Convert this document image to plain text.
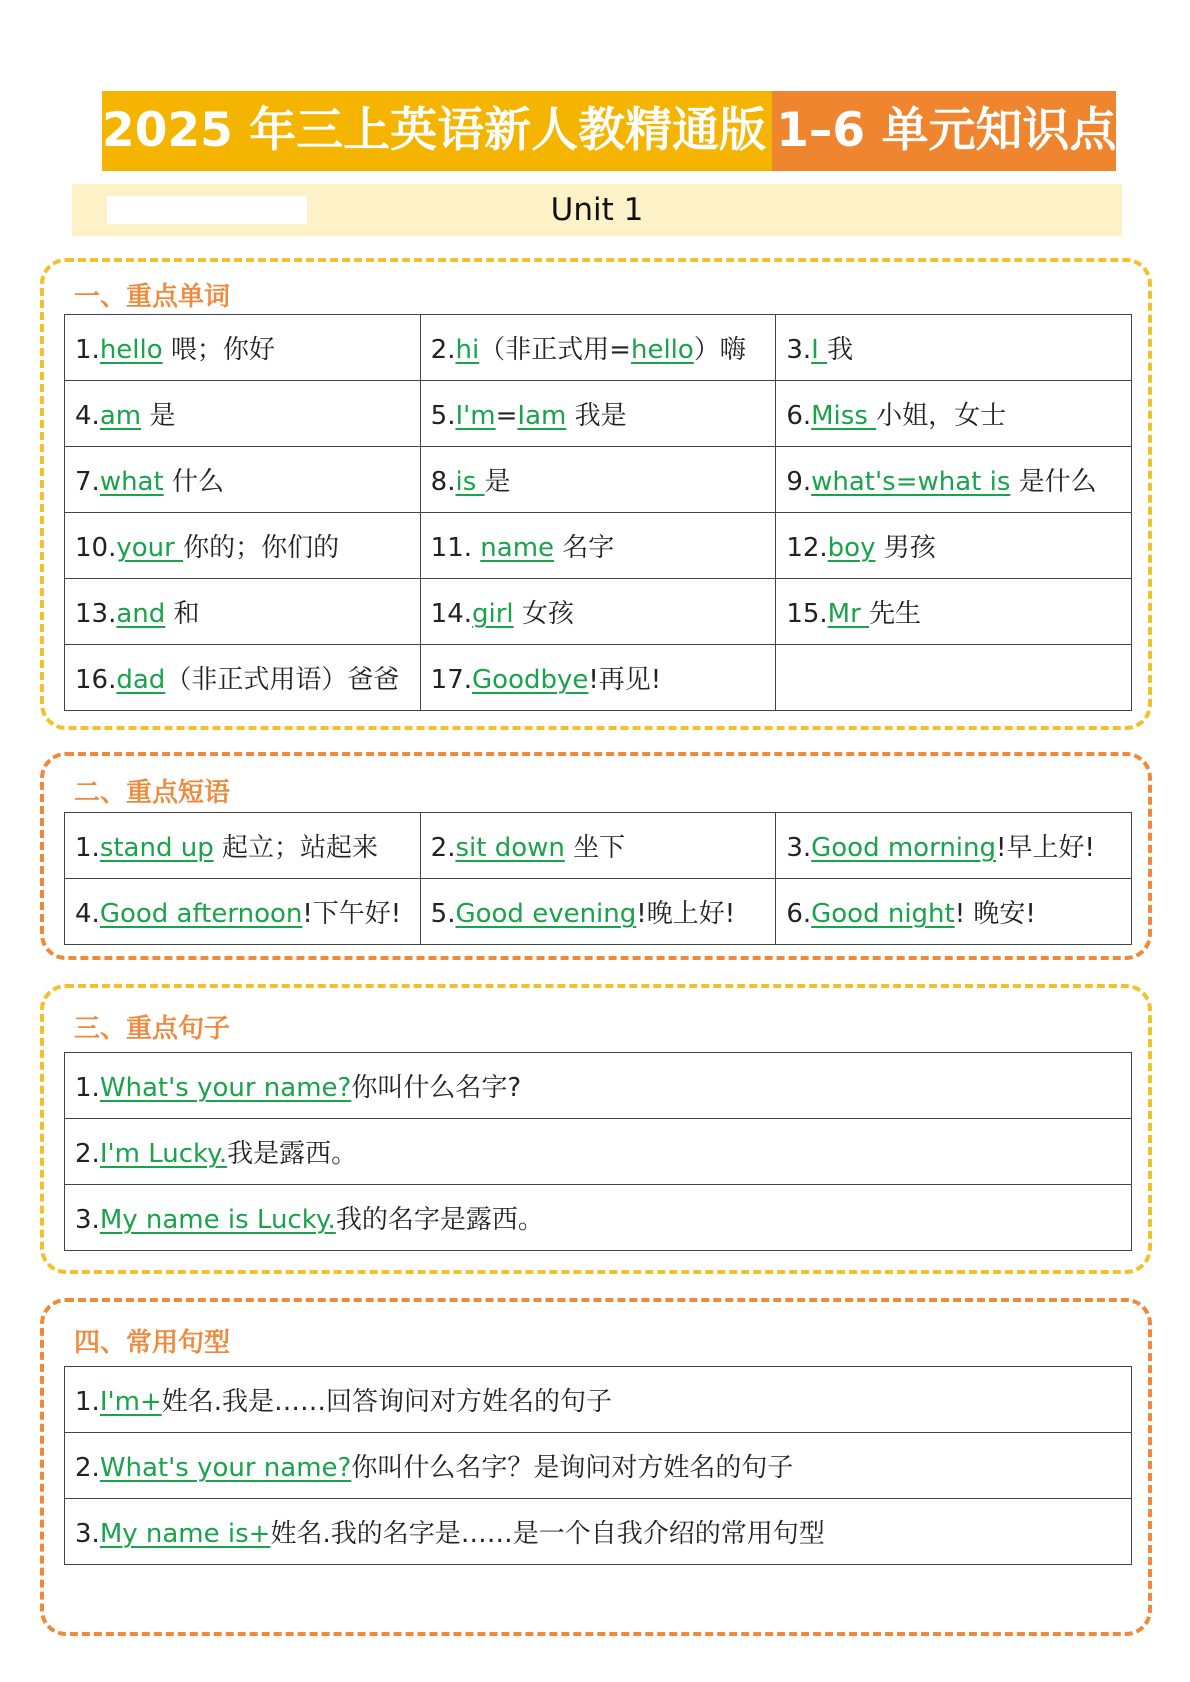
2025 年三上英语新人教精通版 1–6 单元知识点
Unit 1
一、重点单词
1.hello 喂；你好	2.hi（非正式用=hello）嗨	3.I 我
4.am 是	5.I'm=Iam 我是	6.Miss 小姐，女士
7.what 什么	8.is 是	9.what's=what is 是什么
10.your 你的；你们的	11. name 名字	12.boy 男孩
13.and 和	14.girl 女孩	15.Mr 先生
16.dad（非正式用语）爸爸	17.Goodbye!再见!	
二、重点短语
1.stand up 起立；站起来	2.sit down 坐下	3.Good morning!早上好!
4.Good afternoon!下午好!	5.Good evening!晚上好!	6.Good night! 晚安!
三、重点句子
1.What's your name?你叫什么名字?
2.I'm Lucky.我是露西。
3.My name is Lucky.我的名字是露西。
四、常用句型
1.I'm+姓名.我是……回答询问对方姓名的句子
2.What's your name?你叫什么名字？是询问对方姓名的句子
3.My name is+姓名.我的名字是……是一个自我介绍的常用句型
